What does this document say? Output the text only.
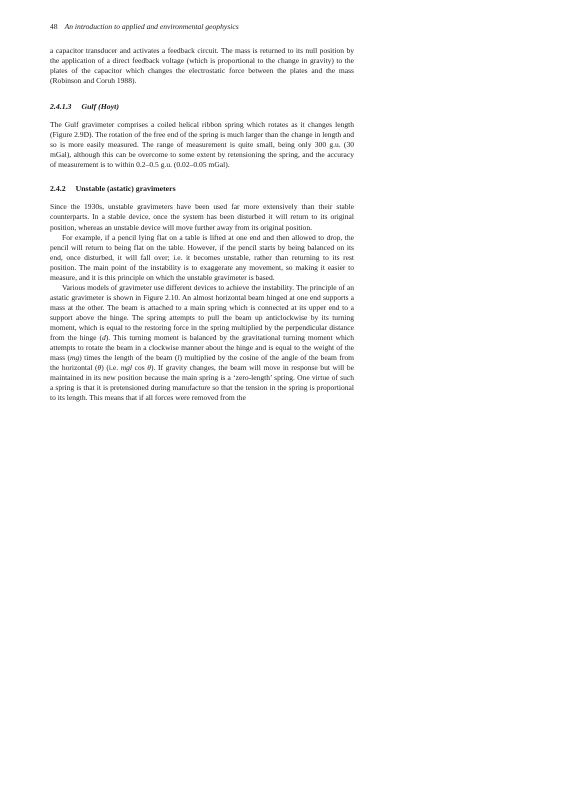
48 An introduction to applied and environmental geophysics

a capacitor transducer and activates a feedback circuit. The mass is returned to its null position by the application of a direct feedback voltage (which is proportional to the change in gravity) to the plates of the capacitor which changes the electrostatic force between the plates and the mass (Robinson and Coruh 1988).

2.4.1.3 Gulf (Hoyt)

The Gulf gravimeter comprises a coiled helical ribbon spring which rotates as it changes length (Figure 2.9D). The rotation of the free end of the spring is much larger than the change in length and so is more easily measured. The range of measurement is quite small, being only 300 g.u. (30 mGal), although this can be overcome to some extent by retensioning the spring, and the accuracy of measurement is to within 0.2–0.5 g.u. (0.02–0.05 mGal).

2.4.2 Unstable (astatic) gravimeters

Since the 1930s, unstable gravimeters have been used far more extensively than their stable counterparts. In a stable device, once the system has been disturbed it will return to its original position, whereas an unstable device will move further away from its original position.

For example, if a pencil lying flat on a table is lifted at one end and then allowed to drop, the pencil will return to being flat on the table. However, if the pencil starts by being balanced on its end, once disturbed, it will fall over; i.e. it becomes unstable, rather than returning to its rest position. The main point of the instability is to exaggerate any movement, so making it easier to measure, and it is this principle on which the unstable gravimeter is based.

Various models of gravimeter use different devices to achieve the instability. The principle of an astatic gravimeter is shown in Figure 2.10. An almost horizontal beam hinged at one end supports a mass at the other. The beam is attached to a main spring which is connected at its upper end to a support above the hinge. The spring attempts to pull the beam up anticlockwise by its turning moment, which is equal to the restoring force in the spring multiplied by the perpendicular distance from the hinge (d). This turning moment is balanced by the gravitational turning moment which attempts to rotate the beam in a clockwise manner about the hinge and is equal to the weight of the mass (mg) times the length of the beam (l) multiplied by the cosine of the angle of the beam from the horizontal (θ) (i.e. mgl cos θ). If gravity changes, the beam will move in response but will be maintained in its new position because the main spring is a ‘zero-length’ spring. One virtue of such a spring is that it is pretensioned during manufacture so that the tension in the spring is proportional to its length. This means that if all forces were removed from the
